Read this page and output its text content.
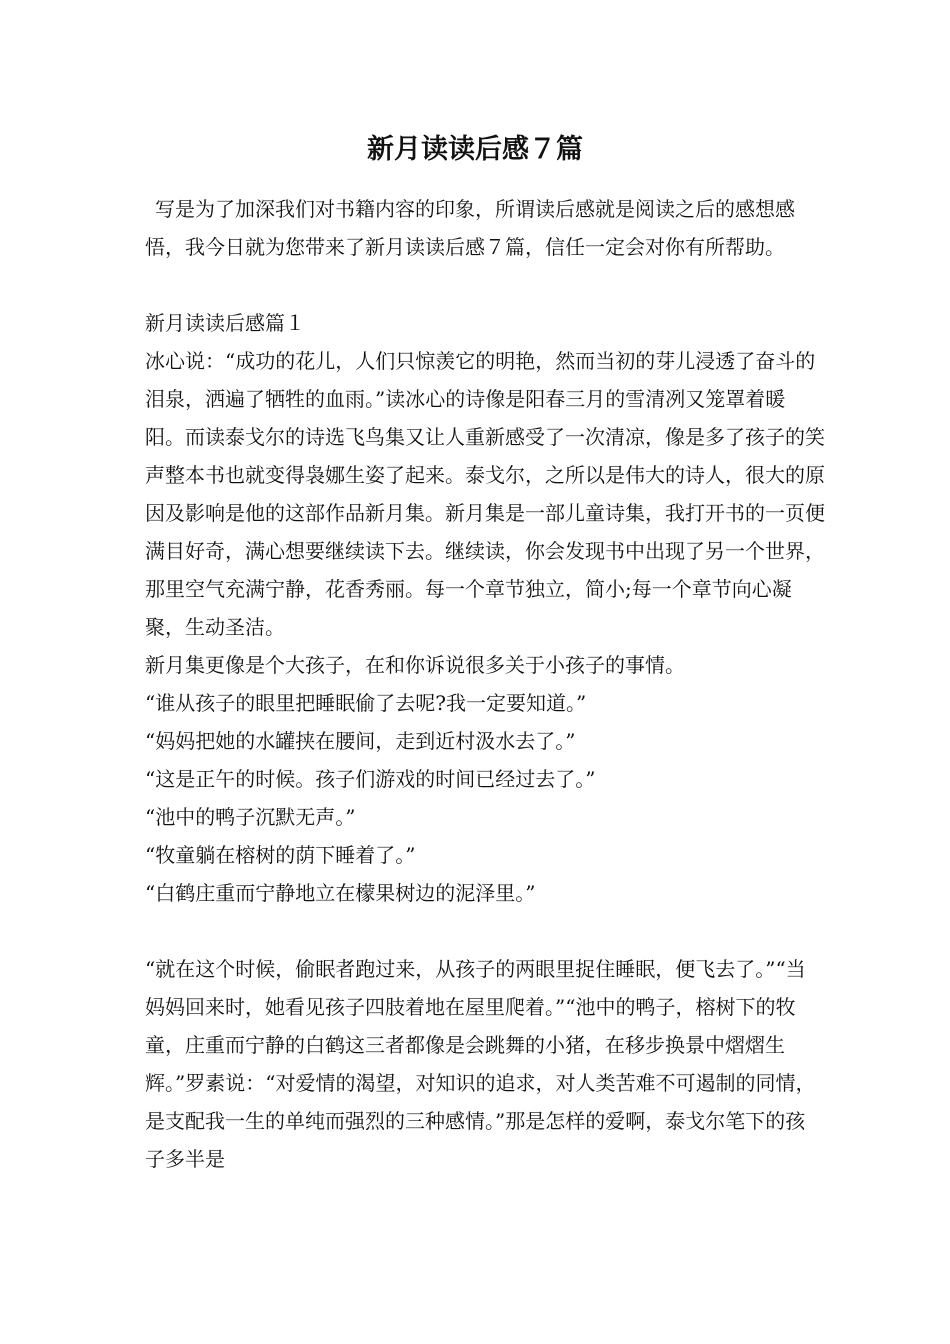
新月读读后感７篇

写是为了加深我们对书籍内容的印象，所谓读后感就是阅读之后的感想感悟，我今日就为您带来了新月读读后感７篇，信任一定会对你有所帮助。

新月读读后感篇１

冰心说：“成功的花儿，人们只惊羡它的明艳，然而当初的芽儿浸透了奋斗的泪泉，洒遍了牺牲的血雨。”读冰心的诗像是阳春三月的雪清冽又笼罩着暖阳。而读泰戈尔的诗选飞鸟集又让人重新感受了一次清凉，像是多了孩子的笑声整本书也就变得袅娜生姿了起来。泰戈尔，之所以是伟大的诗人，很大的原因及影响是他的这部作品新月集。新月集是一部儿童诗集，我打开书的一页便满目好奇，满心想要继续读下去。继续读，你会发现书中出现了另一个世界，那里空气充满宁静，花香秀丽。每一个章节独立，简小;每一个章节向心凝聚，生动圣洁。

新月集更像是个大孩子，在和你诉说很多关于小孩子的事情。

“谁从孩子的眼里把睡眠偷了去呢?我一定要知道。”

“妈妈把她的水罐挟在腰间，走到近村汲水去了。”

“这是正午的时候。孩子们游戏的时间已经过去了。”

“池中的鸭子沉默无声。”

“牧童躺在榕树的荫下睡着了。”

“白鹤庄重而宁静地立在檬果树边的泥泽里。”

“就在这个时候，偷眠者跑过来，从孩子的两眼里捉住睡眠，便飞去了。”“当妈妈回来时，她看见孩子四肢着地在屋里爬着。”“池中的鸭子，榕树下的牧童，庄重而宁静的白鹤这三者都像是会跳舞的小猪，在移步换景中熠熠生辉。”罗素说：“对爱情的渴望，对知识的追求，对人类苦难不可遏制的同情，是支配我一生的单纯而强烈的三种感情。”那是怎样的爱啊，泰戈尔笔下的孩子多半是
